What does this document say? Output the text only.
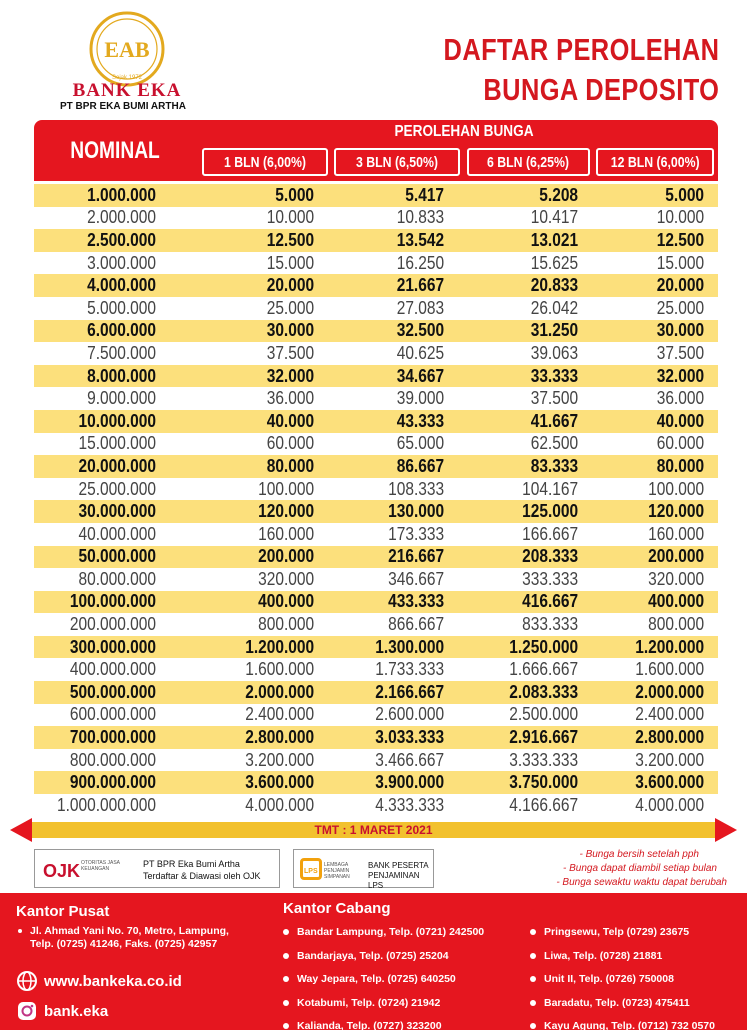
EAB
Sejak 1972
BANK EKA
PT BPR EKA BUMI ARTHA
DAFTAR PEROLEHAN
BUNGA DEPOSITO
NOMINAL
PEROLEHAN BUNGA
1 BLN (6,00%)	3 BLN (6,50%)	6 BLN (6,25%)	12 BLN (6,00%)
1.000.000	5.000	5.417	5.208	5.000
2.000.000	10.000	10.833	10.417	10.000
2.500.000	12.500	13.542	13.021	12.500
3.000.000	15.000	16.250	15.625	15.000
4.000.000	20.000	21.667	20.833	20.000
5.000.000	25.000	27.083	26.042	25.000
6.000.000	30.000	32.500	31.250	30.000
7.500.000	37.500	40.625	39.063	37.500
8.000.000	32.000	34.667	33.333	32.000
9.000.000	36.000	39.000	37.500	36.000
10.000.000	40.000	43.333	41.667	40.000
15.000.000	60.000	65.000	62.500	60.000
20.000.000	80.000	86.667	83.333	80.000
25.000.000	100.000	108.333	104.167	100.000
30.000.000	120.000	130.000	125.000	120.000
40.000.000	160.000	173.333	166.667	160.000
50.000.000	200.000	216.667	208.333	200.000
80.000.000	320.000	346.667	333.333	320.000
100.000.000	400.000	433.333	416.667	400.000
200.000.000	800.000	866.667	833.333	800.000
300.000.000	1.200.000	1.300.000	1.250.000	1.200.000
400.000.000	1.600.000	1.733.333	1.666.667	1.600.000
500.000.000	2.000.000	2.166.667	2.083.333	2.000.000
600.000.000	2.400.000	2.600.000	2.500.000	2.400.000
700.000.000	2.800.000	3.033.333	2.916.667	2.800.000
800.000.000	3.200.000	3.466.667	3.333.333	3.200.000
900.000.000	3.600.000	3.900.000	3.750.000	3.600.000
1.000.000.000	4.000.000	4.333.333	4.166.667	4.000.000
TMT : 1 MARET 2021
OJK OTORITAS JASA KEUANGAN	PT BPR Eka Bumi Artha
Terdaftar & Diawasi oleh OJK	LPS
LEMBAGA PENJAMIN SIMPANAN
BANK PESERTA
PENJAMINAN LPS
- Bunga bersih setelah pph
- Bunga dapat diambil setiap bulan
- Bunga sewaktu waktu dapat berubah
Kantor Pusat
Jl. Ahmad Yani No. 70, Metro, Lampung,
Telp. (0725) 41246, Faks. (0725) 42957
www.bankeka.co.id
bank.eka
Kantor Cabang
Bandar Lampung, Telp. (0721) 242500
Bandarjaya, Telp. (0725) 25204
Way Jepara, Telp. (0725) 640250
Kotabumi, Telp. (0724) 21942
Kalianda, Telp. (0727) 323200
Pringsewu, Telp (0729) 23675
Liwa, Telp. (0728) 21881
Unit II, Telp. (0726) 750008
Baradatu, Telp. (0723) 475411
Kayu Agung, Telp. (0712) 732 0570
